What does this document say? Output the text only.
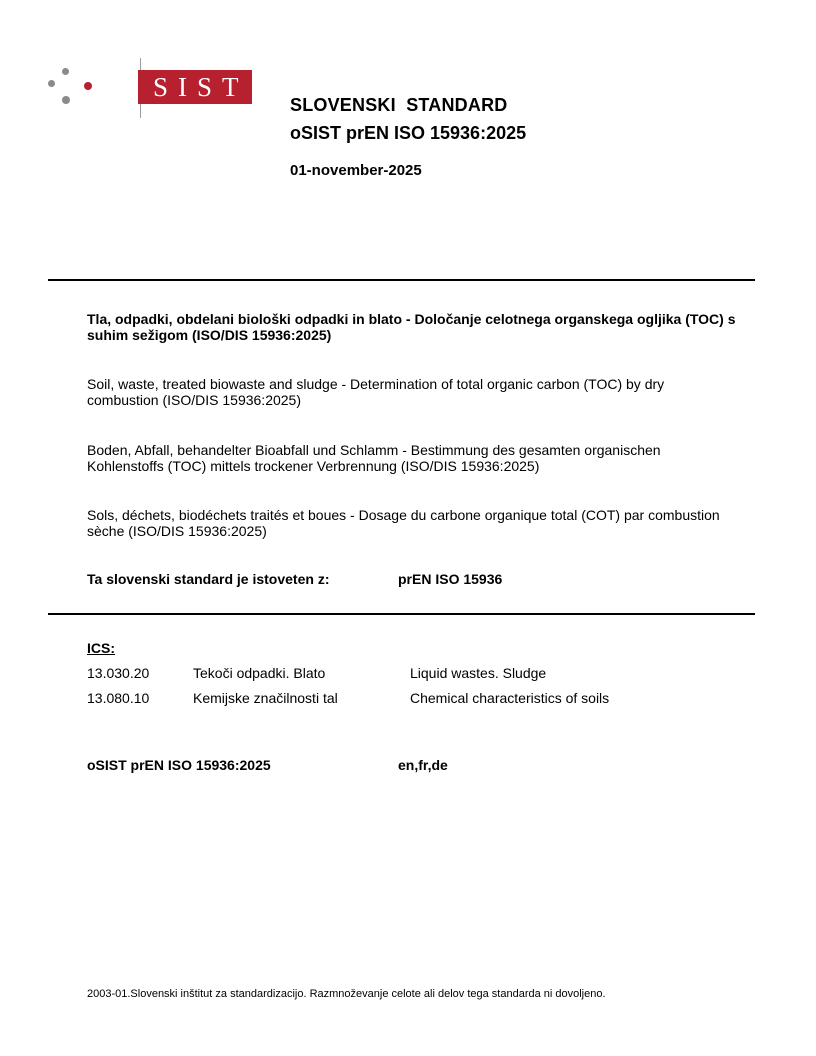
SIST
SLOVENSKI  STANDARD
oSIST prEN ISO 15936:2025
01-november-2025
Tla, odpadki, obdelani biološki odpadki in blato - Določanje celotnega organskega ogljika (TOC) s suhim sežigom (ISO/DIS 15936:2025)
Soil, waste, treated biowaste and sludge - Determination of total organic carbon (TOC) by dry combustion (ISO/DIS 15936:2025)
Boden, Abfall, behandelter Bioabfall und Schlamm - Bestimmung des gesamten organischen Kohlenstoffs (TOC) mittels trockener Verbrennung (ISO/DIS 15936:2025)
Sols, déchets, biodéchets traités et boues - Dosage du carbone organique total (COT) par combustion sèche (ISO/DIS 15936:2025)
Ta slovenski standard je istoveten z:	prEN ISO 15936
ICS:
13.030.20	Tekoči odpadki. Blato	Liquid wastes. Sludge
13.080.10	Kemijske značilnosti tal	Chemical characteristics of soils
oSIST prEN ISO 15936:2025	en,fr,de
2003-01.Slovenski inštitut za standardizacijo. Razmnoževanje celote ali delov tega standarda ni dovoljeno.
